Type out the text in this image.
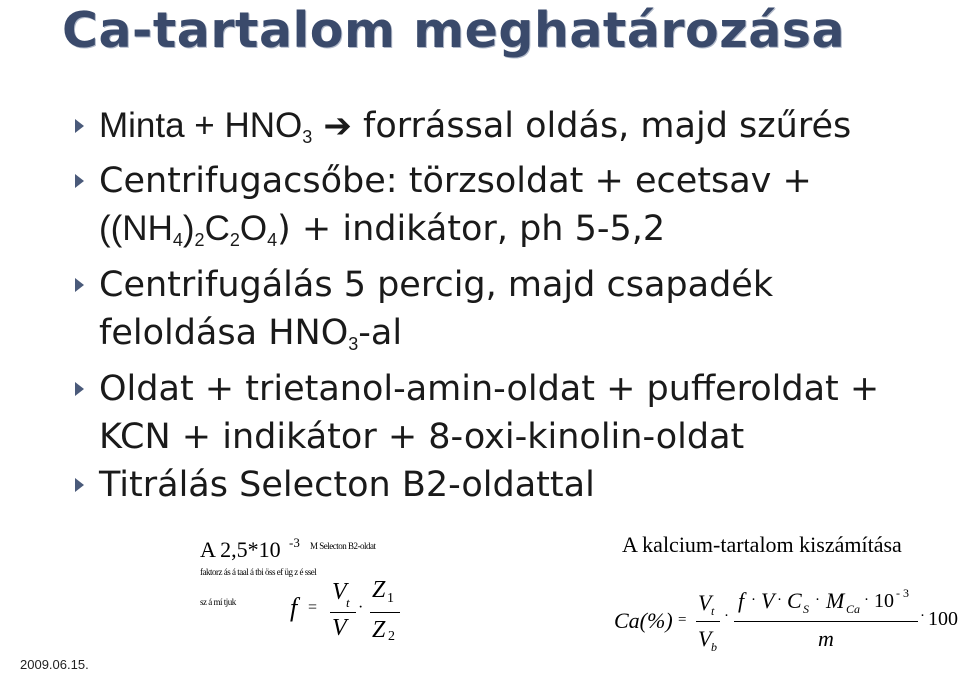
Ca-tartalom meghatározása
Minta + $HNO_3$ ➔ forrással oldás, majd szűrés
Centrifugacsőbe: törzsoldat + ecetsav +
$((NH_4)_2C_2O_4)$ + indikátor, ph 5-5,2
Centrifugálás 5 percig, majd csapadék
feloldása $HNO_3-al$
Oldat + trietanol-amin-oldat + pufferoldat +
KCN + indikátor + 8-oxi-kinolin-oldat
Titrálás Selecton B2-oldattal
A 2,5*10 -3 M Selecton B2-oldat
faktorz ás á taal á tbi öss ef üg z é ssel
sz á mí tjuk f =
V t
V
·
Z 1
Z 2
A kalcium-tartalom kiszámítása
Ca(%) =
V t
V b
·
f · V · C S
· M Ca
· 10 - 3
m
· 100
2009.06.15.
